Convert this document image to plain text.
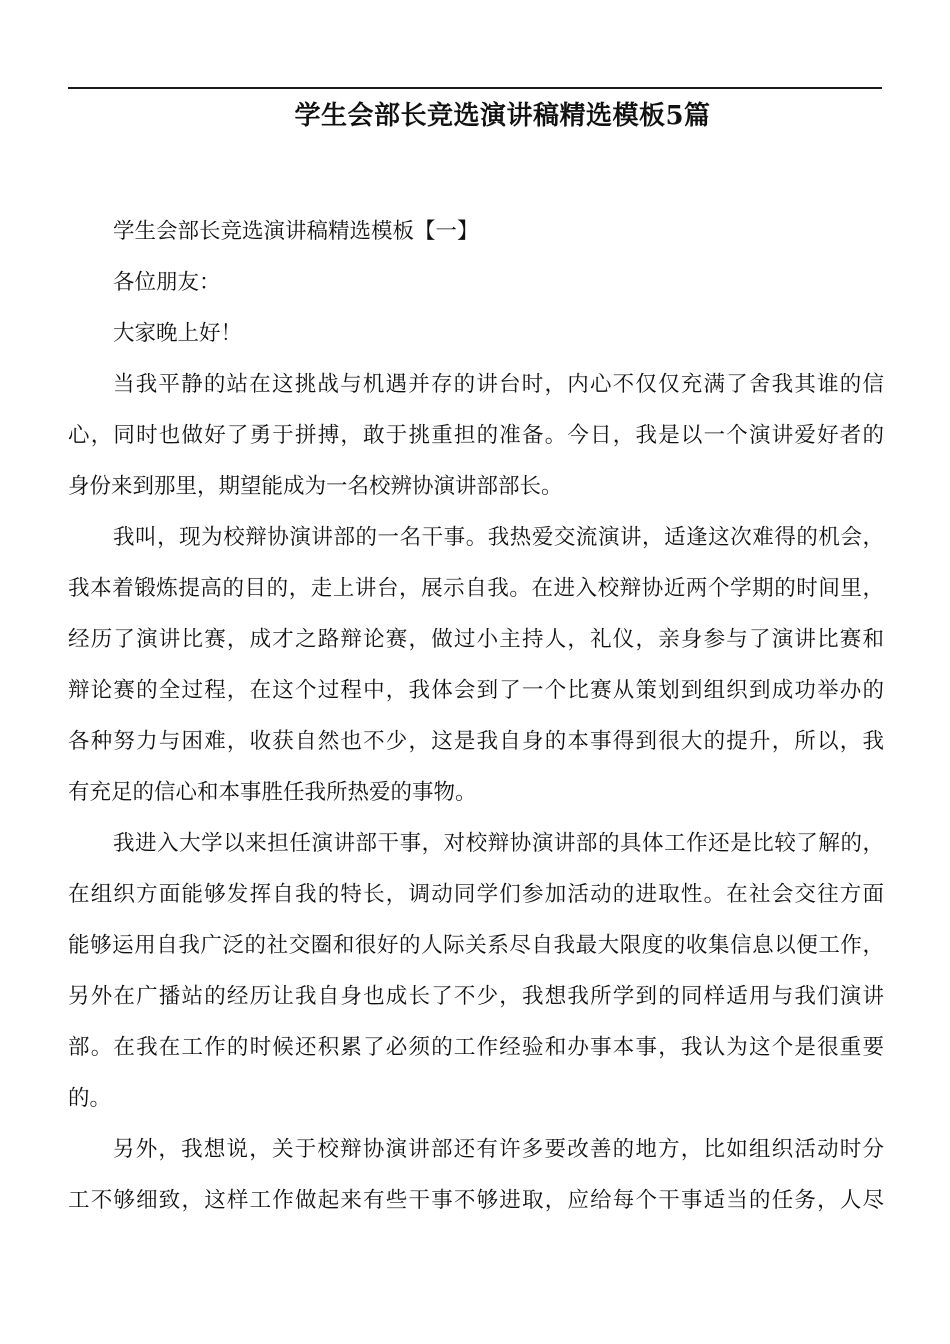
学生会部长竞选演讲稿精选模板5篇
学生会部长竞选演讲稿精选模板【一】
各位朋友：
大家晚上好！
当我平静的站在这挑战与机遇并存的讲台时，内心不仅仅充满了舍我其谁的信
心，同时也做好了勇于拼搏，敢于挑重担的准备。今日，我是以一个演讲爱好者的
身份来到那里，期望能成为一名校辨协演讲部部长。
我叫，现为校辩协演讲部的一名干事。我热爱交流演讲，适逢这次难得的机会，
我本着锻炼提高的目的，走上讲台，展示自我。在进入校辩协近两个学期的时间里，
经历了演讲比赛，成才之路辩论赛，做过小主持人，礼仪，亲身参与了演讲比赛和
辩论赛的全过程，在这个过程中，我体会到了一个比赛从策划到组织到成功举办的
各种努力与困难，收获自然也不少，这是我自身的本事得到很大的提升，所以，我
有充足的信心和本事胜任我所热爱的事物。
我进入大学以来担任演讲部干事，对校辩协演讲部的具体工作还是比较了解的，
在组织方面能够发挥自我的特长，调动同学们参加活动的进取性。在社会交往方面
能够运用自我广泛的社交圈和很好的人际关系尽自我最大限度的收集信息以便工作，
另外在广播站的经历让我自身也成长了不少，我想我所学到的同样适用与我们演讲
部。在我在工作的时候还积累了必须的工作经验和办事本事，我认为这个是很重要
的。
另外，我想说，关于校辩协演讲部还有许多要改善的地方，比如组织活动时分
工不够细致，这样工作做起来有些干事不够进取，应给每个干事适当的任务，人尽
